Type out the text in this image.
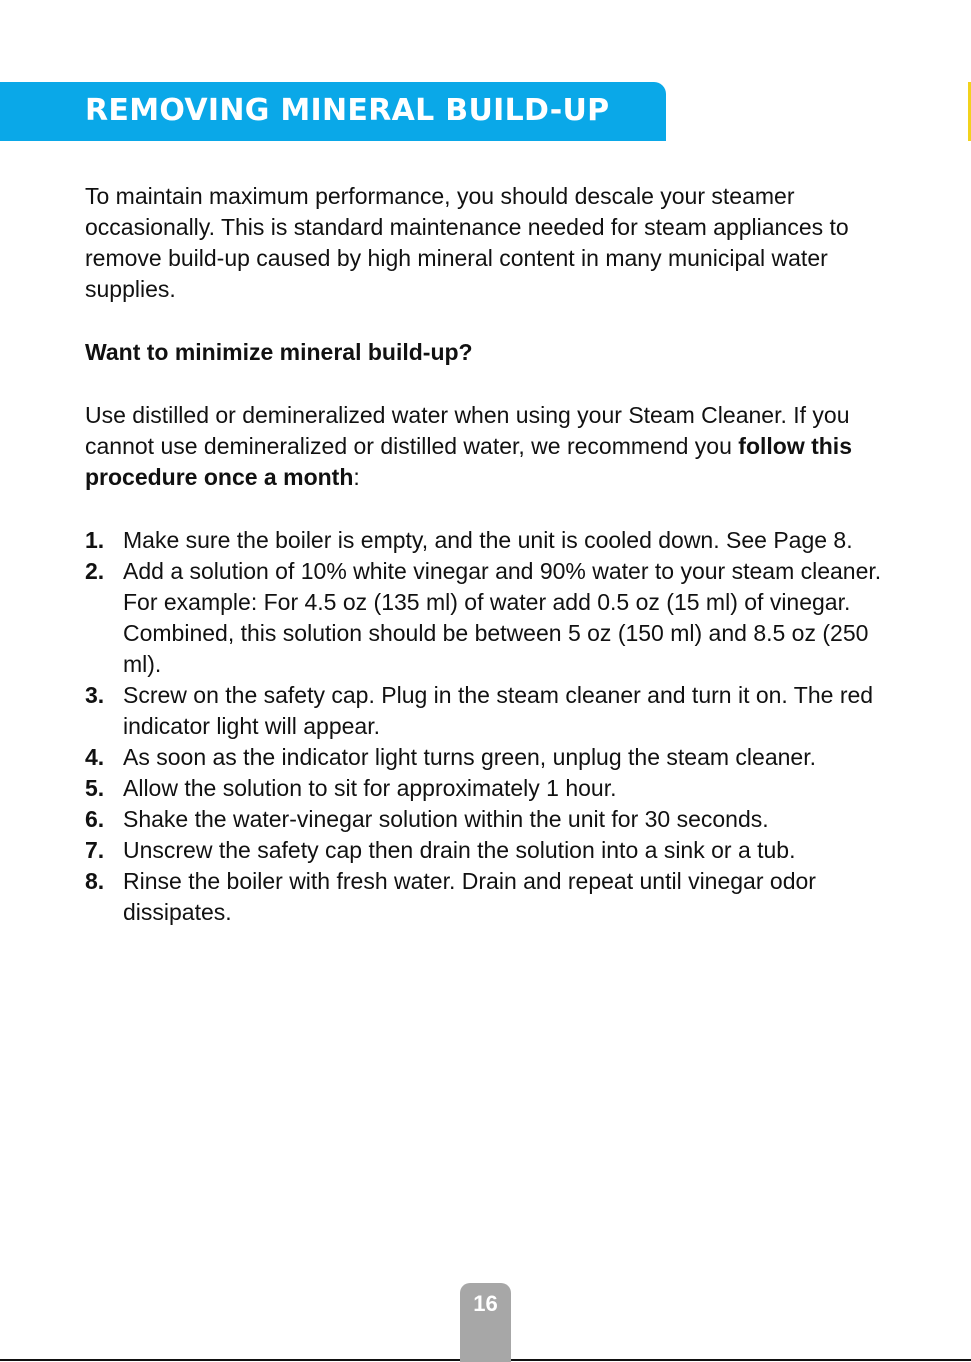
REMOVING MINERAL BUILD-UP

To maintain maximum performance, you should descale your steamer occasionally. This is standard maintenance needed for steam appliances to remove build-up caused by high mineral content in many municipal water supplies.

Want to minimize mineral build-up?

Use distilled or demineralized water when using your Steam Cleaner. If you cannot use demineralized or distilled water, we recommend you follow this procedure once a month:

1. Make sure the boiler is empty, and the unit is cooled down. See Page 8.
2. Add a solution of 10% white vinegar and 90% water to your steam cleaner. For example: For 4.5 oz (135 ml) of water add 0.5 oz (15 ml) of vinegar. Combined, this solution should be between 5 oz (150 ml) and 8.5 oz (250 ml).
3. Screw on the safety cap. Plug in the steam cleaner and turn it on. The red indicator light will appear.
4. As soon as the indicator light turns green, unplug the steam cleaner.
5. Allow the solution to sit for approximately 1 hour.
6. Shake the water-vinegar solution within the unit for 30 seconds.
7. Unscrew the safety cap then drain the solution into a sink or a tub.
8. Rinse the boiler with fresh water. Drain and repeat until vinegar odor dissipates.
16
